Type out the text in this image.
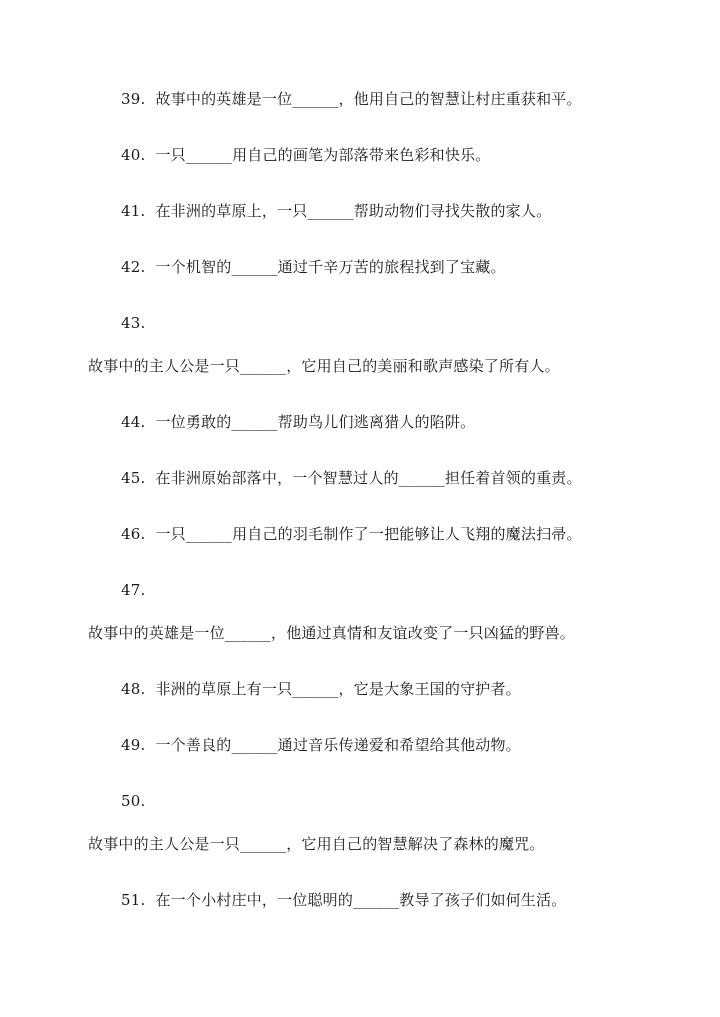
39. 故事中的英雄是一位______，他用自己的智慧让村庄重获和平。
40. 一只______用自己的画笔为部落带来色彩和快乐。
41. 在非洲的草原上，一只______帮助动物们寻找失散的家人。
42. 一个机智的______通过千辛万苦的旅程找到了宝藏。
43.
故事中的主人公是一只______，它用自己的美丽和歌声感染了所有人。
44. 一位勇敢的______帮助鸟儿们逃离猎人的陷阱。
45. 在非洲原始部落中，一个智慧过人的______担任着首领的重责。
46. 一只______用自己的羽毛制作了一把能够让人飞翔的魔法扫帚。
47.
故事中的英雄是一位______，他通过真情和友谊改变了一只凶猛的野兽。
48. 非洲的草原上有一只______，它是大象王国的守护者。
49. 一个善良的______通过音乐传递爱和希望给其他动物。
50.
故事中的主人公是一只______，它用自己的智慧解决了森林的魔咒。
51. 在一个小村庄中，一位聪明的______教导了孩子们如何生活。
